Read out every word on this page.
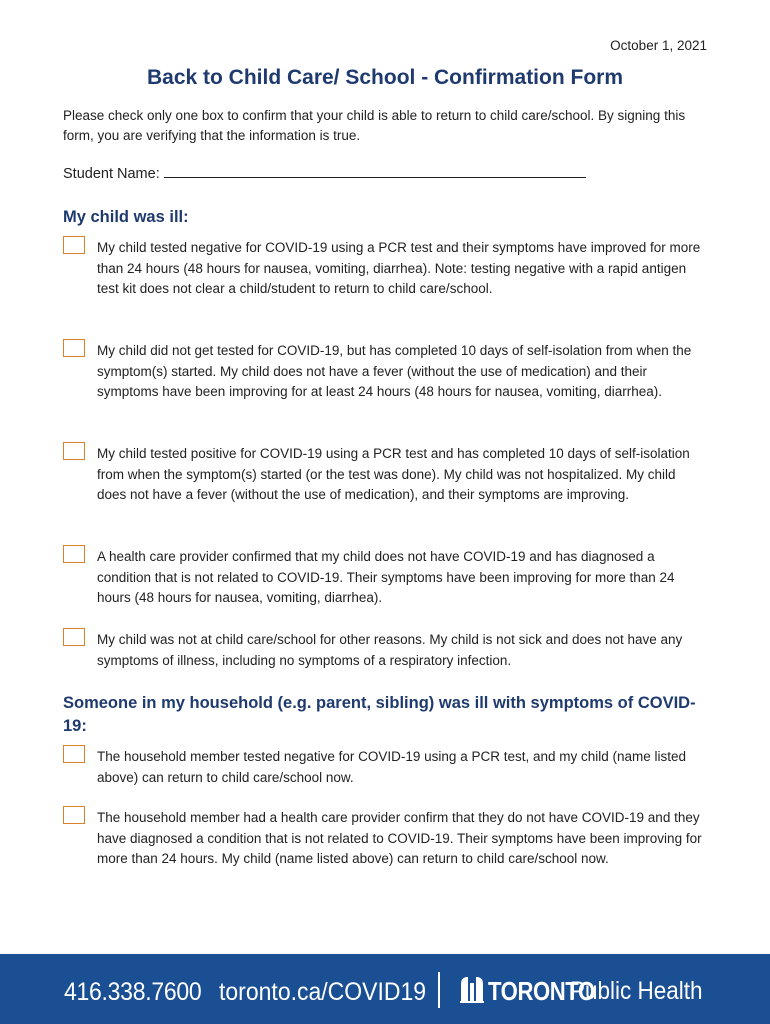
October 1, 2021
Back to Child Care/ School - Confirmation Form

Please check only one box to confirm that your child is able to return to child care/school. By signing this form, you are verifying that the information is true.

Student Name:
My child was ill:
My child tested negative for COVID-19 using a PCR test and their symptoms have improved for more than 24 hours (48 hours for nausea, vomiting, diarrhea). Note: testing negative with a rapid antigen test kit does not clear a child/student to return to child care/school.
My child did not get tested for COVID-19, but has completed 10 days of self-isolation from when the symptom(s) started. My child does not have a fever (without the use of medication) and their symptoms have been improving for at least 24 hours (48 hours for nausea, vomiting, diarrhea).
My child tested positive for COVID-19 using a PCR test and has completed 10 days of self-isolation from when the symptom(s) started (or the test was done). My child was not hospitalized. My child does not have a fever (without the use of medication), and their symptoms are improving.
A health care provider confirmed that my child does not have COVID-19 and has diagnosed a condition that is not related to COVID-19. Their symptoms have been improving for more than 24 hours (48 hours for nausea, vomiting, diarrhea).
My child was not at child care/school for other reasons. My child is not sick and does not have any symptoms of illness, including no symptoms of a respiratory infection.
Someone in my household (e.g. parent, sibling) was ill with symptoms of COVID-19:
The household member tested negative for COVID-19 using a PCR test, and my child (name listed above) can return to child care/school now.
The household member had a health care provider confirm that they do not have COVID-19 and they have diagnosed a condition that is not related to COVID-19. Their symptoms have been improving for more than 24 hours. My child (name listed above) can return to child care/school now.
416.338.7600 toronto.ca/COVID19 TORONTO
Public Health
